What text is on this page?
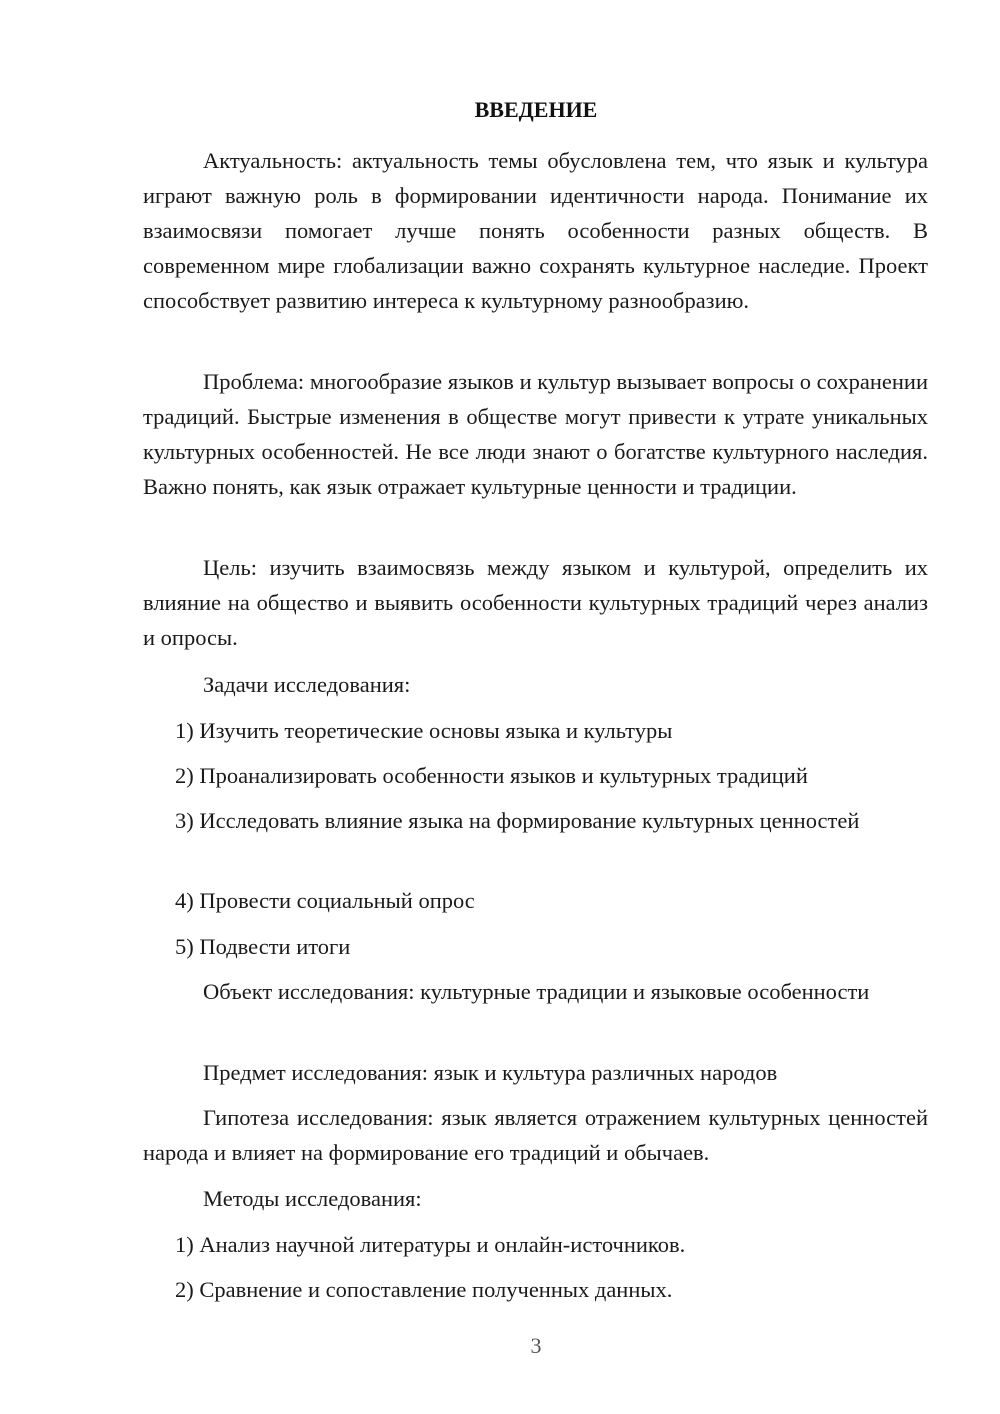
ВВЕДЕНИЕ

Актуальность: актуальность темы обусловлена тем, что язык и культура играют важную роль в формировании идентичности народа. Понимание их взаимосвязи помогает лучше понять особенности разных обществ. В современном мире глобализации важно сохранять культурное наследие. Проект способствует развитию интереса к культурному разнообразию.

Проблема: многообразие языков и культур вызывает вопросы о сохранении традиций. Быстрые изменения в обществе могут привести к утрате уникальных культурных особенностей. Не все люди знают о богатстве культурного наследия. Важно понять, как язык отражает культурные ценности и традиции.

Цель: изучить взаимосвязь между языком и культурой, определить их влияние на общество и выявить особенности культурных традиций через анализ и опросы.

Задачи исследования:

1) Изучить теоретические основы языка и культуры

2) Проанализировать особенности языков и культурных традиций

3) Исследовать влияние языка на формирование культурных ценностей

4) Провести социальный опрос

5) Подвести итоги

Объект исследования: культурные традиции и языковые особенности

Предмет исследования: язык и культура различных народов

Гипотеза исследования: язык является отражением культурных ценностей народа и влияет на формирование его традиций и обычаев.

Методы исследования:

1) Анализ научной литературы и онлайн-источников.

2) Сравнение и сопоставление полученных данных.

3
